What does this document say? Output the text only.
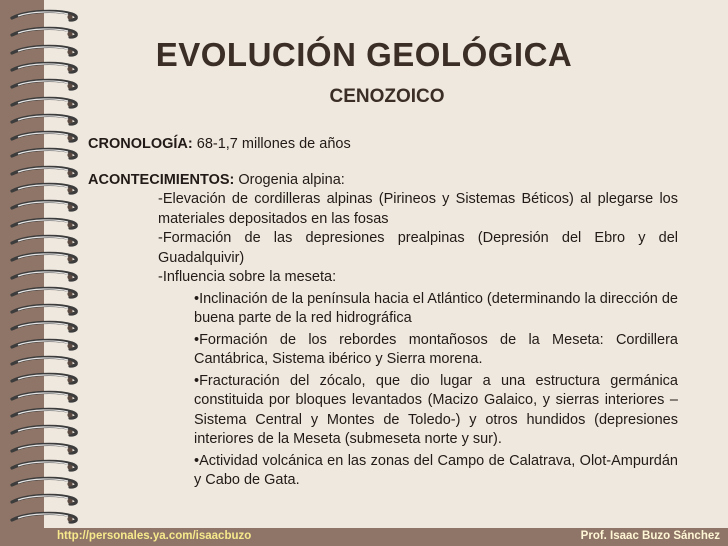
EVOLUCIÓN GEOLÓGICA
CENOZOICO

CRONOLOGÍA: 68-1,7 millones de años

ACONTECIMIENTOS: Orogenia alpina:

-Elevación de cordilleras alpinas (Pirineos y Sistemas Béticos) al plegarse los materiales depositados en las fosas
-Formación de las depresiones prealpinas (Depresión del Ebro y del Guadalquivir)
-Influencia sobre la meseta:
•Inclinación de la península hacia el Atlántico (determinando la dirección de buena parte de la red hidrográfica
•Formación de los rebordes montañosos de la Meseta: Cordillera Cantábrica, Sistema ibérico y Sierra morena.
•Fracturación del zócalo, que dio lugar a una estructura germánica constituida por bloques levantados (Macizo Galaico, y sierras interiores –Sistema Central y Montes de Toledo-) y otros hundidos (depresiones interiores de la Meseta (submeseta norte y sur).
•Actividad volcánica en las zonas del Campo de Calatrava, Olot-Ampurdán y Cabo de Gata.
http://personales.ya.com/isaacbuzo	Prof. Isaac Buzo Sánchez
